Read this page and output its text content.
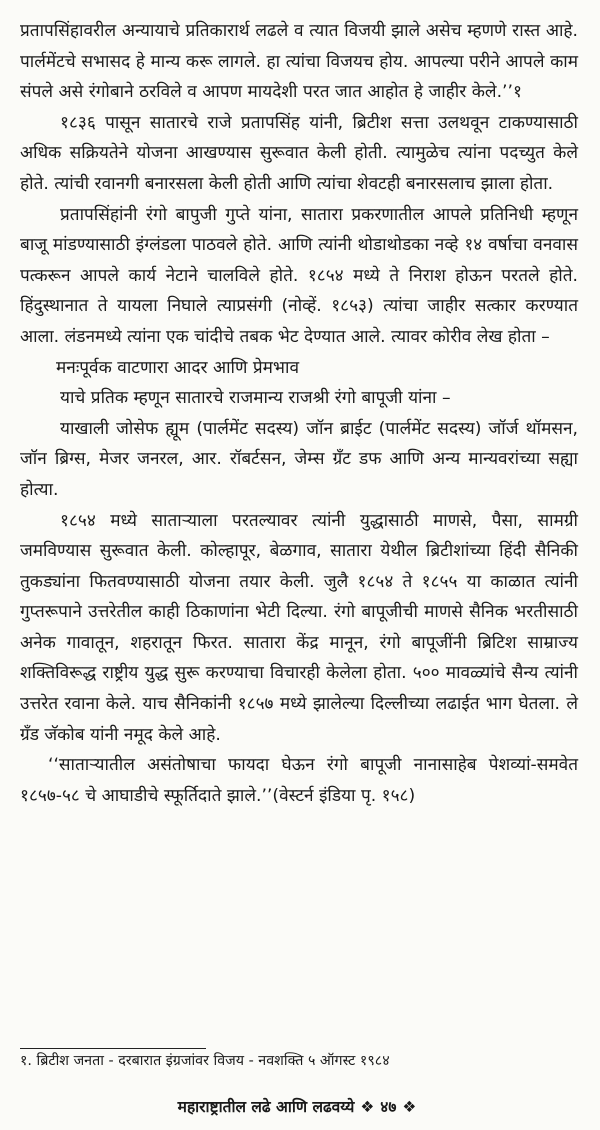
प्रतापसिंहावरील अन्यायाचे प्रतिकारार्थ लढले व त्यात विजयी झाले असेच म्हणणे रास्त आहे. पार्लमेंटचे सभासद हे मान्य करू लागले. हा त्यांचा विजयच होय. आपल्या परीने आपले काम संपले असे रंगोबाने ठरविले व आपण मायदेशी परत जात आहोत हे जाहीर केले.’’१

१८३६ पासून सातारचे राजे प्रतापसिंह यांनी, ब्रिटीश सत्ता उलथवून टाकण्यासाठी अधिक सक्रियतेने योजना आखण्यास सुरूवात केली होती. त्यामुळेच त्यांना पदच्युत केले होते. त्यांची रवानगी बनारसला केली होती आणि त्यांचा शेवटही बनारसलाच झाला होता.

प्रतापसिंहांनी रंगो बापुजी गुप्ते यांना, सातारा प्रकरणातील आपले प्रतिनिधी म्हणून बाजू मांडण्यासाठी इंग्लंडला पाठवले होते. आणि त्यांनी थोडाथोडका नव्हे १४ वर्षाचा वनवास पत्करून आपले कार्य नेटाने चालविले होते. १८५४ मध्ये ते निराश होऊन परतले होते. हिंदुस्थानात ते यायला निघाले त्याप्रसंगी (नोव्हें. १८५३) त्यांचा जाहीर सत्कार करण्यात आला. लंडनमध्ये त्यांना एक चांदीचे तबक भेट देण्यात आले. त्यावर कोरीव लेख होता –

मनःपूर्वक वाटणारा आदर आणि प्रेमभाव

याचे प्रतिक म्हणून सातारचे राजमान्य राजश्री रंगो बापूजी यांना –

याखाली जोसेफ ह्यूम (पार्लमेंट सदस्य) जॉन ब्राईट (पार्लमेंट सदस्य) जॉर्ज थॉमसन, जॉन ब्रिग्स, मेजर जनरल, आर. रॉबर्टसन, जेम्स ग्रँट डफ आणि अन्य मान्यवरांच्या सह्या होत्या.

१८५४ मध्ये साताऱ्याला परतल्यावर त्यांनी युद्धासाठी माणसे, पैसा, सामग्री जमविण्यास सुरूवात केली. कोल्हापूर, बेळगाव, सातारा येथील ब्रिटीशांच्या हिंदी सैनिकी तुकड्यांना फितवण्यासाठी योजना तयार केली. जुलै १८५४ ते १८५५ या काळात त्यांनी गुप्तरूपाने उत्तरेतील काही ठिकाणांना भेटी दिल्या. रंगो बापूजीची माणसे सैनिक भरतीसाठी अनेक गावातून, शहरातून फिरत. सातारा केंद्र मानून, रंगो बापूजींनी ब्रिटिश साम्राज्य शक्तिविरूद्ध राष्ट्रीय युद्ध सुरू करण्याचा विचारही केलेला होता. ५०० मावळ्यांचे सैन्य त्यांनी उत्तरेत रवाना केले. याच सैनिकांनी १८५७ मध्ये झालेल्या दिल्लीच्या लढाईत भाग घेतला. ले ग्रँड जॅकोब यांनी नमूद केले आहे.

‘‘साताऱ्यातील असंतोषाचा फायदा घेऊन रंगो बापूजी नानासाहेब पेशव्यां-समवेत १८५७-५८ चे आघाडीचे स्फूर्तिदाते झाले.’’(वेस्टर्न इंडिया पृ. १५८)

१. ब्रिटीश जनता - दरबारात इंग्रजांवर विजय - नवशक्ति ५ ऑगस्ट १९८४
महाराष्ट्रातील लढे आणि लढवय्ये ❖ ४७ ❖
